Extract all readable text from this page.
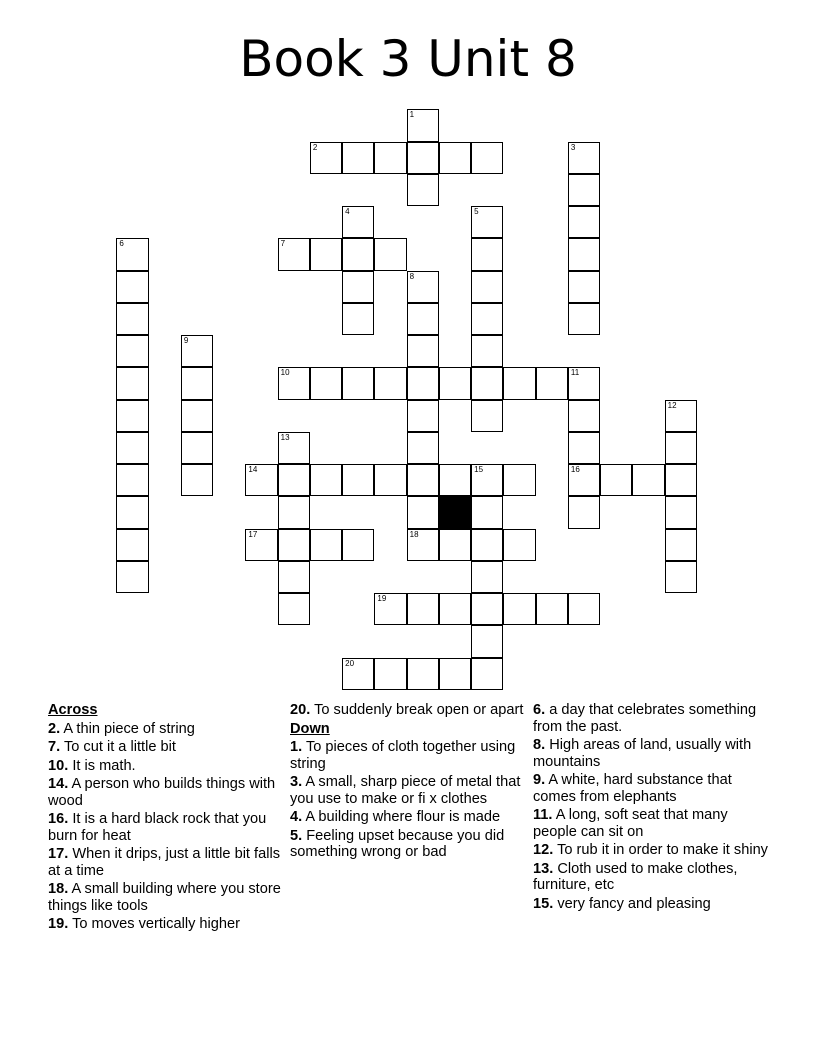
Book 3 Unit 8
1
2	3
4	5
6	7
8
18
9
10	11
16
12
13
14	15
17
19
20
Across
2. A thin piece of string
7. To cut it a little bit
10. It is math.
14. A person who builds things with wood
16. It is a hard black rock that you burn for heat
17. When it drips, just a little bit falls at a time
18. A small building where you store things like tools
19. To moves vertically higher
20. To suddenly break open or apart
Down
1. To pieces of cloth together using string
3. A small, sharp piece of metal that you use to make or fi x clothes
4. A building where flour is made
5. Feeling upset because you did something wrong or bad
6. a day that celebrates something from the past.
8. High areas of land, usually with mountains
9. A white, hard substance that comes from elephants
11. A long, soft seat that many people can sit on
12. To rub it in order to make it shiny
13. Cloth used to make clothes, furniture, etc
15. very fancy and pleasing
